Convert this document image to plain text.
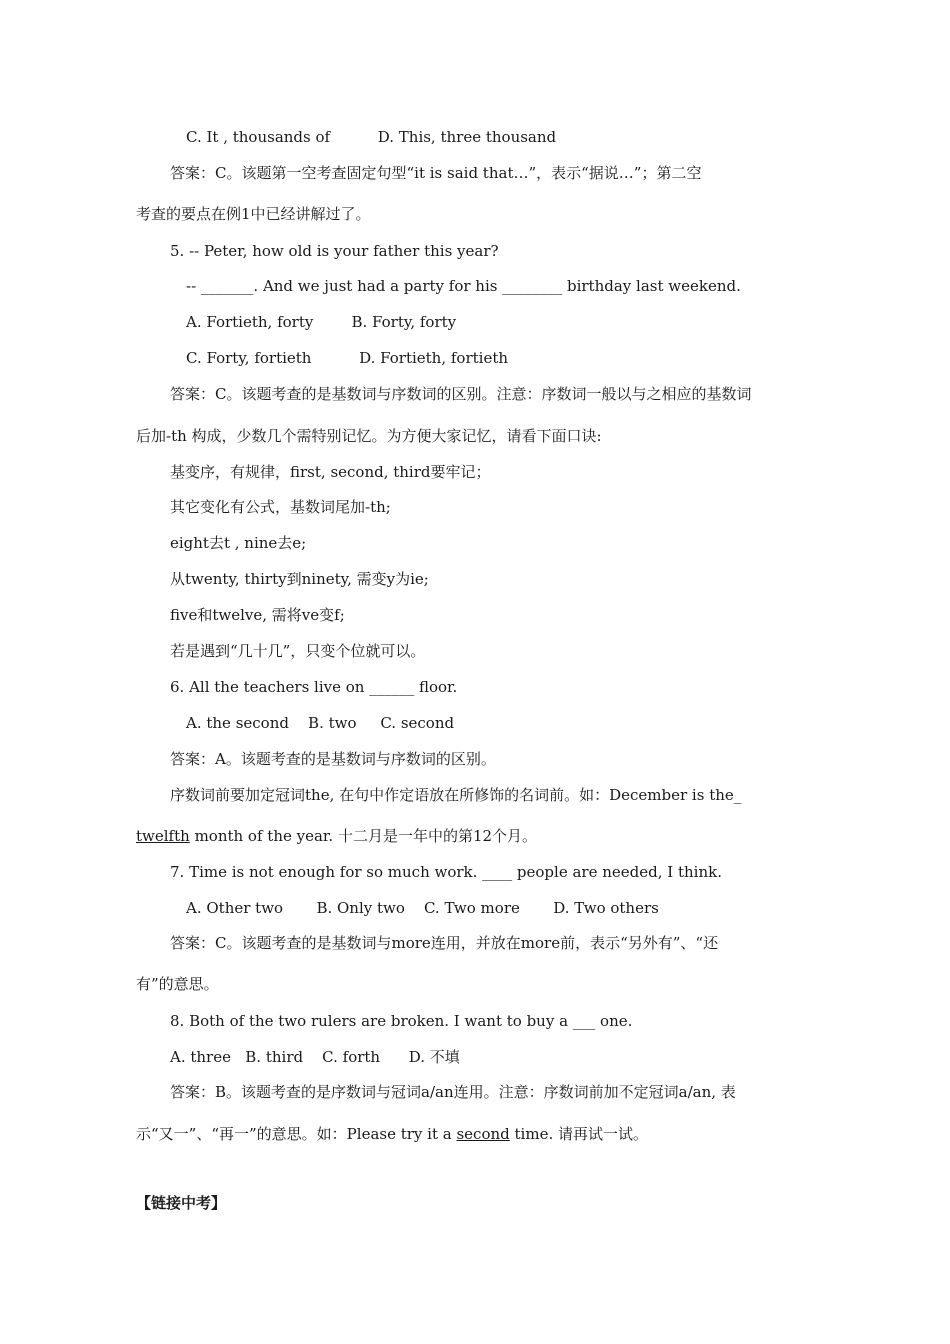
C. It , thousands of          D. This, three thousand
答案：C。该题第一空考查固定句型“it is said that…”，表示“据说…”；第二空
考查的要点在例1中已经讲解过了。
5. -- Peter, how old is your father this year?
-- _______. And we just had a party for his ________ birthday last weekend.
A. Fortieth, forty        B. Forty, forty
C. Forty, fortieth          D. Fortieth, fortieth
答案：C。该题考查的是基数词与序数词的区别。注意：序数词一般以与之相应的基数词
后加-th 构成，少数几个需特别记忆。为方便大家记忆，请看下面口诀:
基变序，有规律，first, second, third要牢记；
其它变化有公式，基数词尾加-th;
eight去t , nine去e;
从twenty, thirty到ninety, 需变y为ie;
five和twelve, 需将ve变f;
若是遇到“几十几”，只变个位就可以。
6. All the teachers live on ______ floor.
A. the second    B. two     C. second
答案：A。该题考查的是基数词与序数词的区别。
序数词前要加定冠词the, 在句中作定语放在所修饰的名词前。如：December is the_
twelfth month of the year. 十二月是一年中的第12个月。
7. Time is not enough for so much work. ____ people are needed, I think.
A. Other two       B. Only two    C. Two more       D. Two others
答案：C。该题考查的是基数词与more连用，并放在more前，表示“另外有”、“还
有”的意思。
8. Both of the two rulers are broken. I want to buy a ___ one.
A. three   B. third    C. forth      D. 不填
答案：B。该题考查的是序数词与冠词a/an连用。注意：序数词前加不定冠词a/an, 表
示“又一”、“再一”的意思。如：Please try it a second time. 请再试一试。
【链接中考】
